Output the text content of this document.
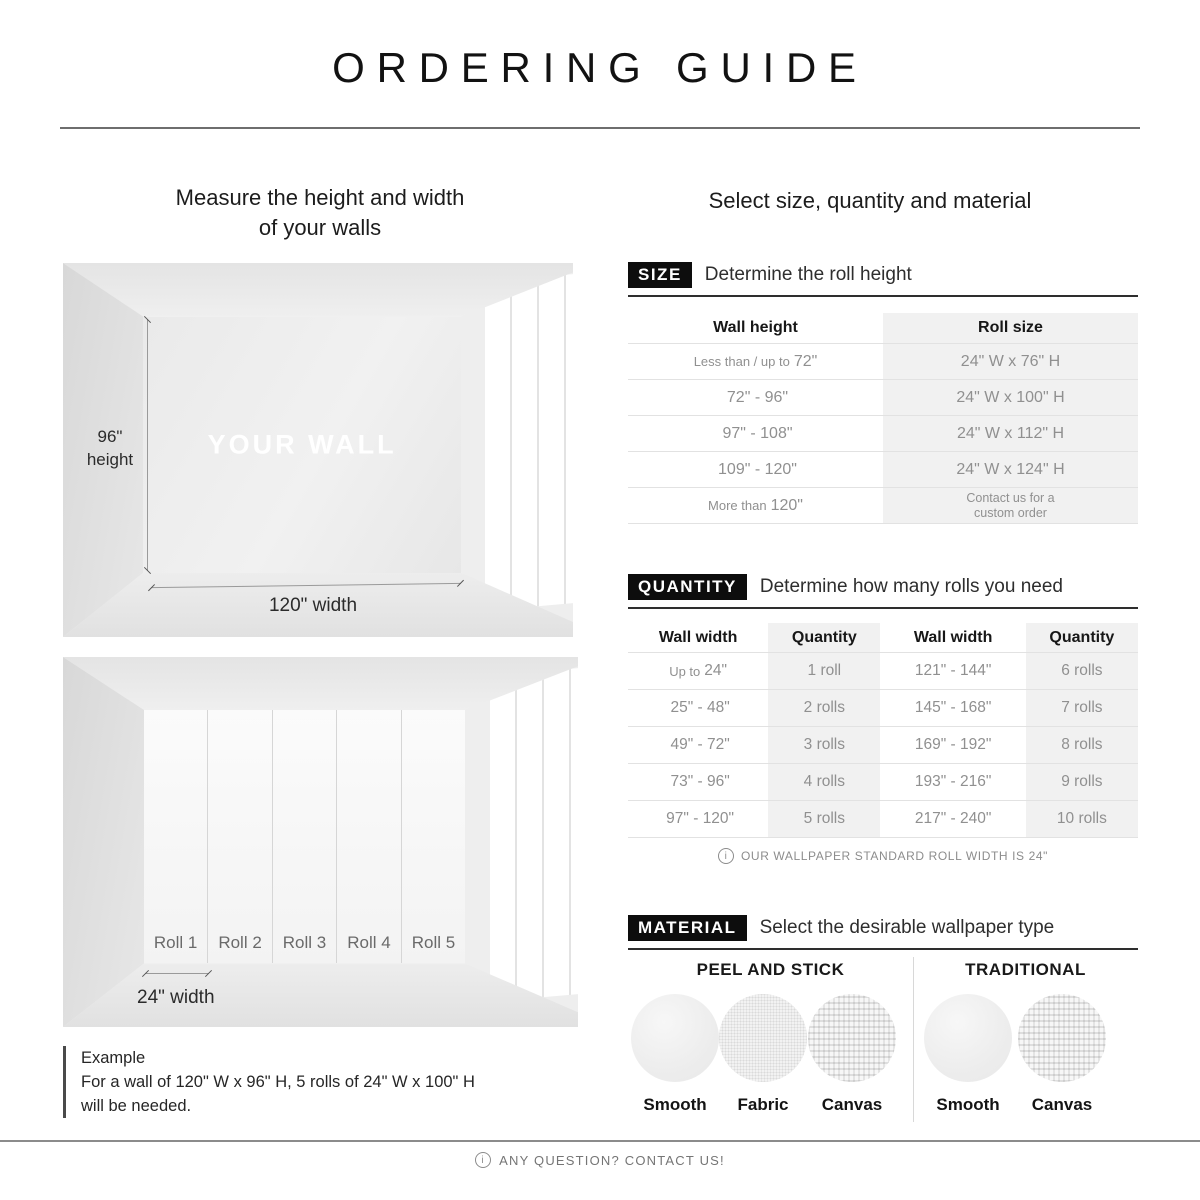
ORDERING GUIDE
Measure the height and width
of your walls
YOUR WALL
96"
height
120" width
Roll 1	Roll 2	Roll 3	Roll 4	Roll 5
24" width
Example
For a wall of 120" W x 96" H, 5 rolls of 24" W x 100" H
will be needed.
Select size, quantity and material
SIZE	Determine the roll height
Wall height	Roll size
Less than / up to 72"	24" W x 76" H
72" - 96"	24" W x 100" H
97" - 108"	24" W x 112" H
109" - 120"	24" W x 124" H
More than 120"	Contact us for a
custom order
QUANTITY	Determine how many rolls you need
Wall width	Quantity	Wall width	Quantity
Up to 24"	1 roll	121" - 144"	6 rolls
25" - 48"	2 rolls	145" - 168"	7 rolls
49" - 72"	3 rolls	169" - 192"	8 rolls
73" - 96"	4 rolls	193" - 216"	9 rolls
97" - 120"	5 rolls	217" - 240"	10 rolls
i
OUR WALLPAPER STANDARD ROLL WIDTH IS 24"
MATERIAL	Select the desirable wallpaper type
PEEL AND STICK	TRADITIONAL
Smooth	Fabric	Canvas	Smooth	Canvas
i
ANY QUESTION? CONTACT US!
